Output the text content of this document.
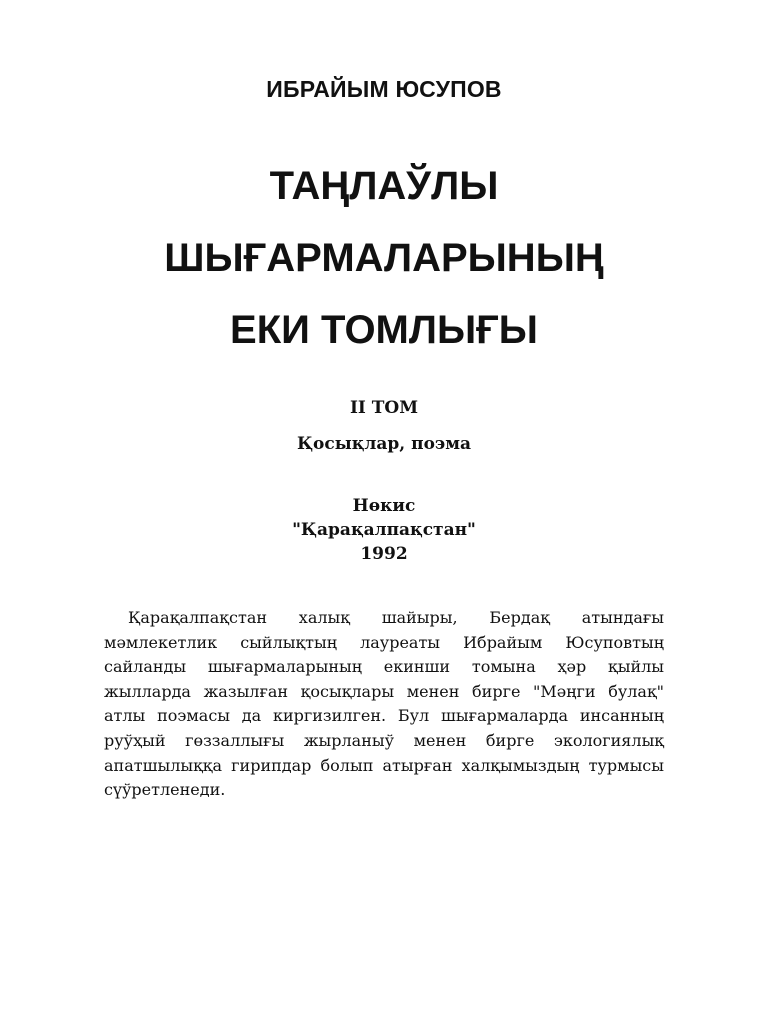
ИБРАЙЫМ ЮСУПОВ
ТАҢЛАЎЛЫ
ШЫҒАРМАЛАРЫНЫҢ
ЕКИ ТОМЛЫҒЫ
II ТОМ
Қосықлар, поэма
Нөкис
"Қарақалпақстан"
1992

Қарақалпақстан халық шайыры, Бердақ атындағы мәмлекетлик сыйлықтың лауреаты Ибрайым Юсуповтың сайланды шығармаларының екинши томына ҳәр қыйлы жылларда жазылған қосықлары менен бирге "Мәңги булақ" атлы поэмасы да киргизилген. Бул шығармаларда инсанның руўҳый гөззаллығы жырланыў менен бирге экологиялық апатшылыққа гирипдар болып атырған халқымыздың турмысы сүўретленеди.
